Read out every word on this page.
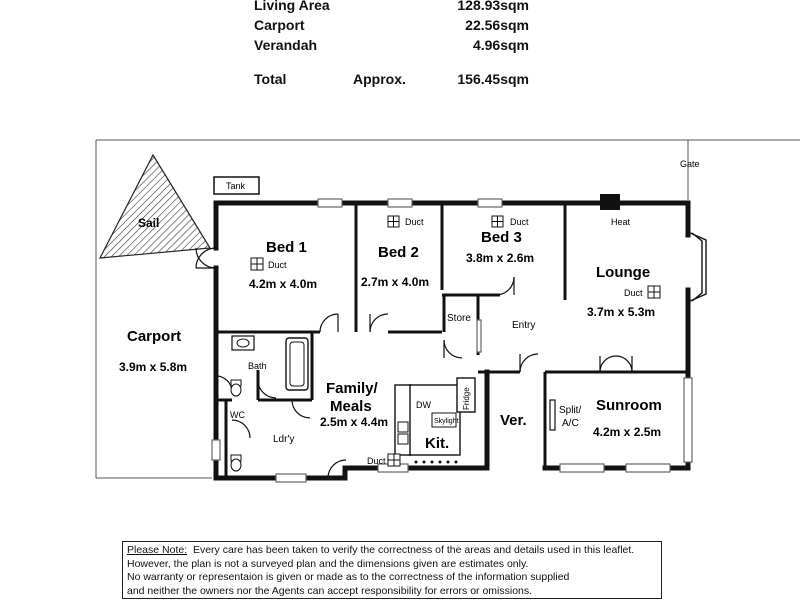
Living Area	128.93sqm
Carport	22.56sqm
Verandah	4.96sqm
Total	Approx.	156.45sqm
Gate
Sail
Tank
Heat
Bed 1
Duct
4.2m x 4.0m
Bed 2
Duct
2.7m x 4.0m
Bed 3
Duct
3.8m x 2.6m
Lounge
Duct
3.7m x 5.3m
Carport
3.9m x 5.8m
Family/
Meals
2.5m x 4.4m
Duct
Kit.
DW
Skylight
Fridge	Sunroom
4.2m x 2.5m
Split/
A/C
Ver.
Bath
WC
Ldr'y
Store
Entry
Please Note: Every care has been taken to verify the correctness of the areas and details used in this leaflet.
However, the plan is not a surveyed plan and the dimensions given are estimates only.
No warranty or representaion is given or made as to the correctness of the information supplied
and neither the owners nor the Agents can accept responsibility for errors or omissions.
